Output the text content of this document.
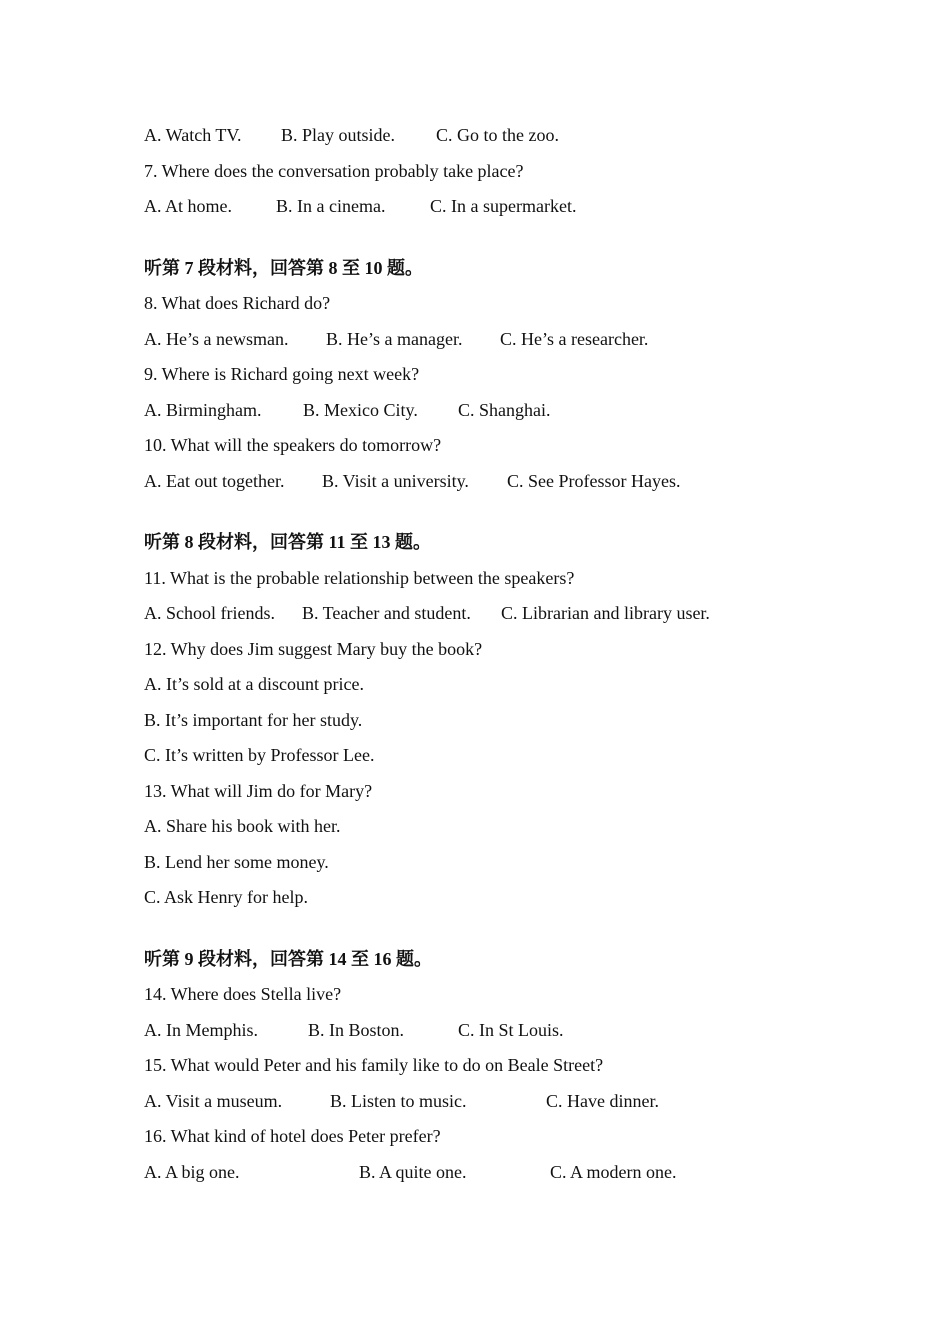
A. Watch TV.	B. Play outside.	C. Go to the zoo.
7. Where does the conversation probably take place?
A. At home.	B. In a cinema.	C. In a supermarket.
听第 7 段材料，回答第 8 至 10 题。
8. What does Richard do?
A. He’s a newsman.	B. He’s a manager.	C. He’s a researcher.
9. Where is Richard going next week?
A. Birmingham.	B. Mexico City.	C. Shanghai.
10. What will the speakers do tomorrow?
A. Eat out together.	B. Visit a university.	C. See Professor Hayes.
听第 8 段材料，回答第 11 至 13 题。
11. What is the probable relationship between the speakers?
A. School friends.	B. Teacher and student.	C. Librarian and library user.
12. Why does Jim suggest Mary buy the book?
A. It’s sold at a discount price.
B. It’s important for her study.
C. It’s written by Professor Lee.
13. What will Jim do for Mary?
A. Share his book with her.
B. Lend her some money.
C. Ask Henry for help.
听第 9 段材料，回答第 14 至 16 题。
14. Where does Stella live?
A. In Memphis.	B. In Boston.	C. In St Louis.
15. What would Peter and his family like to do on Beale Street?
A. Visit a museum.	B. Listen to music.	C. Have dinner.
16. What kind of hotel does Peter prefer?
A. A big one.	B. A quite one.	C. A modern one.
